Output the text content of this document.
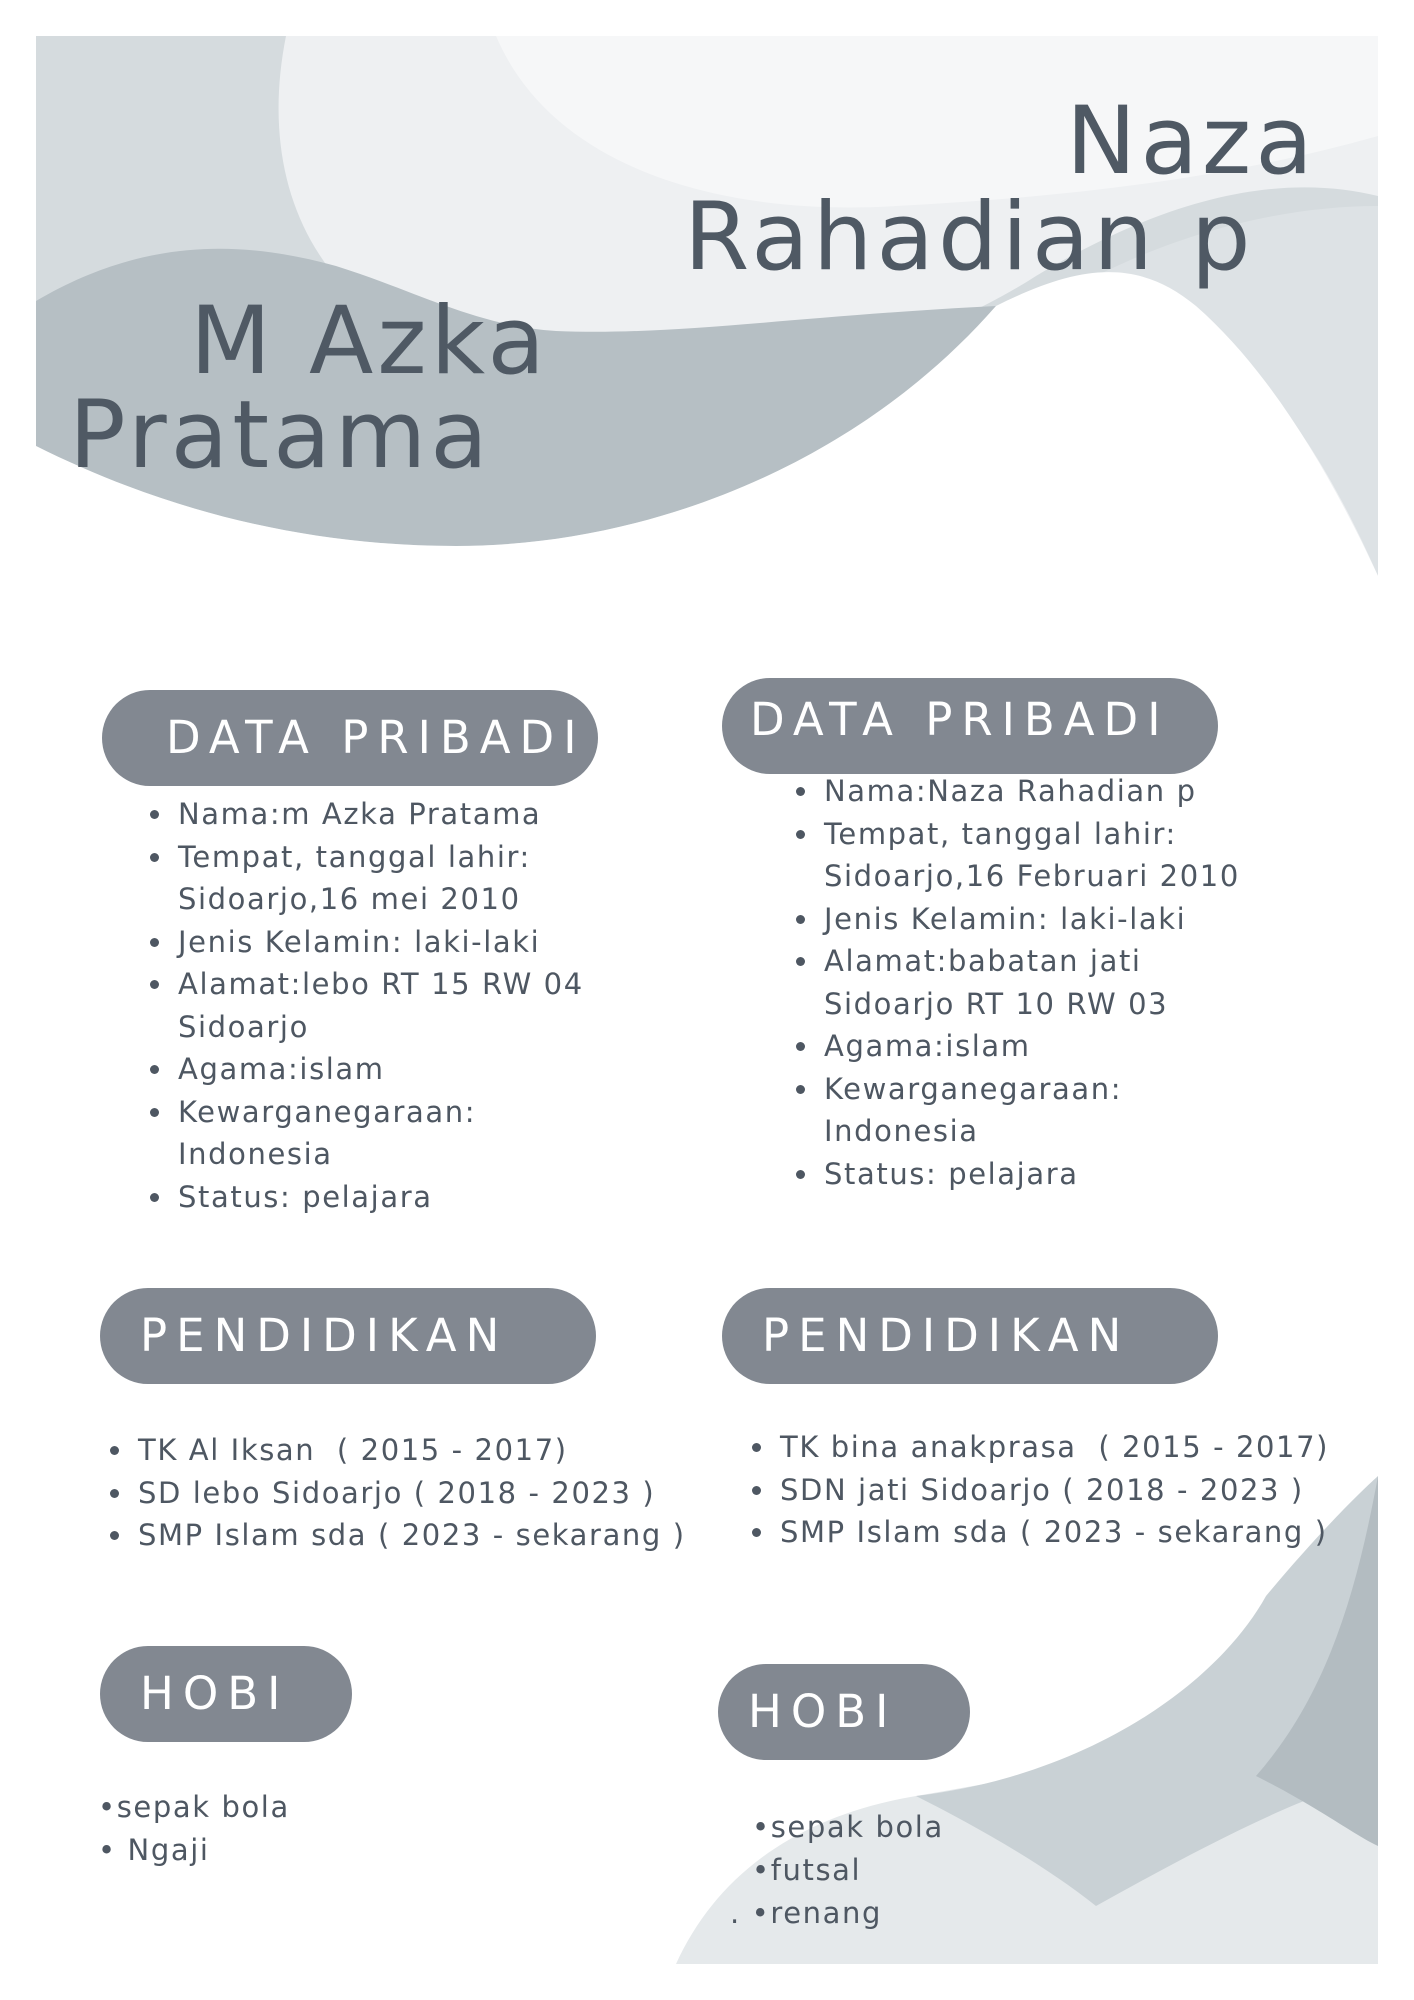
M Azka
Pratama
Naza
Rahadian p
DATA PRIBADI
Nama:m Azka Pratama
Tempat, tanggal lahir: Sidoarjo,16 mei 2010
Jenis Kelamin: laki-laki
Alamat:lebo RT 15 RW 04 Sidoarjo
Agama:islam
Kewarganegaraan: Indonesia
Status: pelajara
PENDIDIKAN
TK Al Iksan  ( 2015 - 2017)
SD lebo Sidoarjo ( 2018 - 2023 )
SMP Islam sda ( 2023 - sekarang )
HOBI
•sepak bola
• Ngaji
DATA PRIBADI
Nama:Naza Rahadian p
Tempat, tanggal lahir: Sidoarjo,16 Februari 2010
Jenis Kelamin: laki-laki
Alamat:babatan jati Sidoarjo RT 10 RW 03
Agama:islam
Kewarganegaraan: Indonesia
Status: pelajara
PENDIDIKAN
TK bina anakprasa  ( 2015 - 2017)
SDN jati Sidoarjo ( 2018 - 2023 )
SMP Islam sda ( 2023 - sekarang )
HOBI
•sepak bola
•futsal
. •renang
